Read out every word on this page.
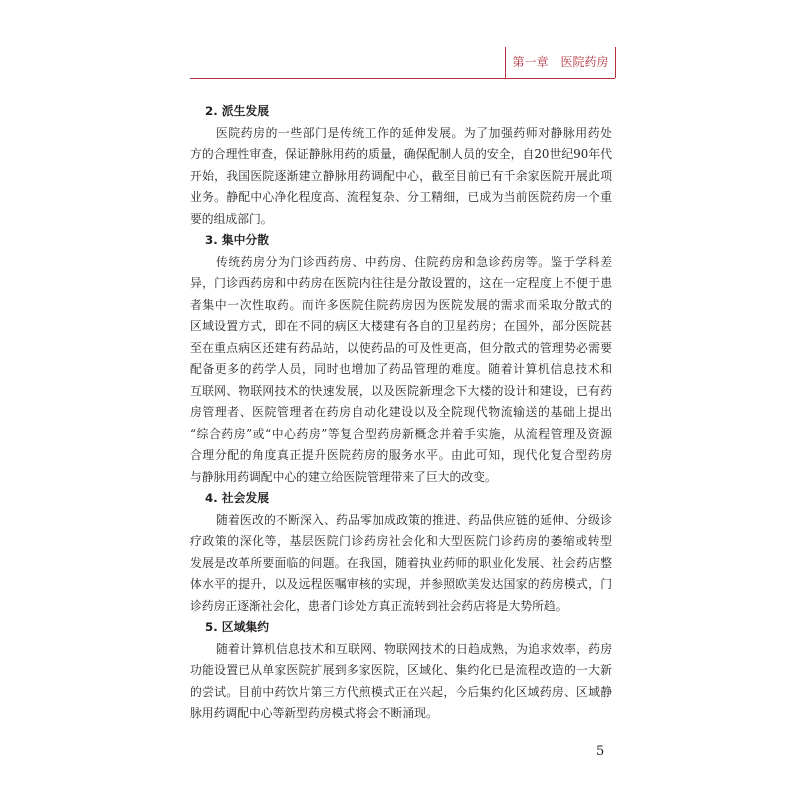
第一章 医院药房
2. 派生发展
医院药房的一些部门是传统工作的延伸发展。为了加强药师对静脉用药处
方的合理性审查，保证静脉用药的质量，确保配制人员的安全，自20世纪90年代
开始，我国医院逐渐建立静脉用药调配中心，截至目前已有千余家医院开展此项
业务。静配中心净化程度高、流程复杂、分工精细，已成为当前医院药房一个重
要的组成部门。
3. 集中分散
传统药房分为门诊西药房、中药房、住院药房和急诊药房等。鉴于学科差
异，门诊西药房和中药房在医院内往往是分散设置的，这在一定程度上不便于患
者集中一次性取药。而许多医院住院药房因为医院发展的需求而采取分散式的
区域设置方式，即在不同的病区大楼建有各自的卫星药房；在国外，部分医院甚
至在重点病区还建有药品站，以使药品的可及性更高，但分散式的管理势必需要
配备更多的药学人员，同时也增加了药品管理的难度。随着计算机信息技术和
互联网、物联网技术的快速发展，以及医院新理念下大楼的设计和建设，已有药
房管理者、医院管理者在药房自动化建设以及全院现代物流输送的基础上提出
“综合药房”或“中心药房”等复合型药房新概念并着手实施，从流程管理及资源
合理分配的角度真正提升医院药房的服务水平。由此可知，现代化复合型药房
与静脉用药调配中心的建立给医院管理带来了巨大的改变。
4. 社会发展
随着医改的不断深入、药品零加成政策的推进、药品供应链的延伸、分级诊
疗政策的深化等，基层医院门诊药房社会化和大型医院门诊药房的萎缩或转型
发展是改革所要面临的问题。在我国，随着执业药师的职业化发展、社会药店整
体水平的提升，以及远程医嘱审核的实现，并参照欧美发达国家的药房模式，门
诊药房正逐渐社会化，患者门诊处方真正流转到社会药店将是大势所趋。
5. 区域集约
随着计算机信息技术和互联网、物联网技术的日趋成熟，为追求效率，药房
功能设置已从单家医院扩展到多家医院，区域化、集约化已是流程改造的一大新
的尝试。目前中药饮片第三方代煎模式正在兴起，今后集约化区域药房、区域静
脉用药调配中心等新型药房模式将会不断涌现。
5
